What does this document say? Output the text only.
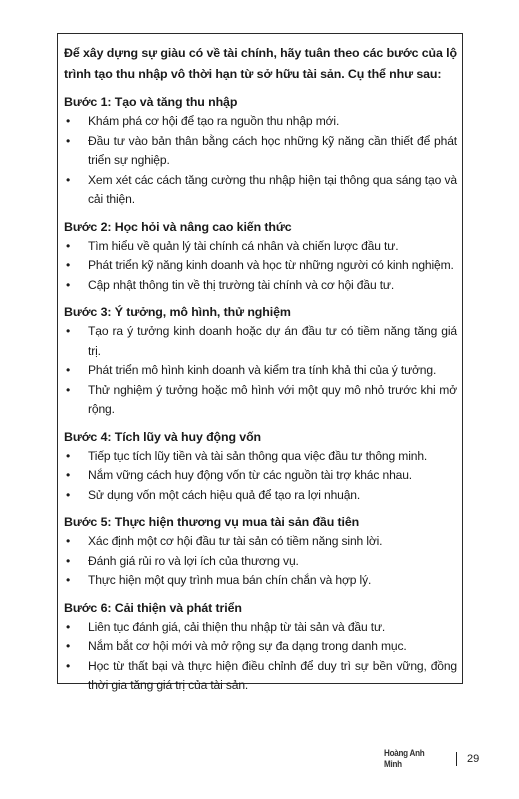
Để xây dựng sự giàu có về tài chính, hãy tuân theo các bước của lộ trình tạo thu nhập vô thời hạn từ sở hữu tài sản. Cụ thể như sau:

Bước 1: Tạo và tăng thu nhập

• Khám phá cơ hội để tạo ra nguồn thu nhập mới.
• Đầu tư vào bản thân bằng cách học những kỹ năng cần thiết để phát triển sự nghiệp.
• Xem xét các cách tăng cường thu nhập hiện tại thông qua sáng tạo và cải thiện.

Bước 2: Học hỏi và nâng cao kiến thức

• Tìm hiểu về quản lý tài chính cá nhân và chiến lược đầu tư.
• Phát triển kỹ năng kinh doanh và học từ những người có kinh nghiệm.
• Cập nhật thông tin về thị trường tài chính và cơ hội đầu tư.

Bước 3: Ý tưởng, mô hình, thử nghiệm

• Tạo ra ý tưởng kinh doanh hoặc dự án đầu tư có tiềm năng tăng giá trị.
• Phát triển mô hình kinh doanh và kiểm tra tính khả thi của ý tưởng.
• Thử nghiệm ý tưởng hoặc mô hình với một quy mô nhỏ trước khi mở rộng.

Bước 4: Tích lũy và huy động vốn

• Tiếp tục tích lũy tiền và tài sản thông qua việc đầu tư thông minh.
• Nắm vững cách huy động vốn từ các nguồn tài trợ khác nhau.
• Sử dụng vốn một cách hiệu quả để tạo ra lợi nhuận.

Bước 5: Thực hiện thương vụ mua tài sản đầu tiên

• Xác định một cơ hội đầu tư tài sản có tiềm năng sinh lời.
• Đánh giá rủi ro và lợi ích của thương vụ.
• Thực hiện một quy trình mua bán chín chắn và hợp lý.

Bước 6: Cải thiện và phát triển

• Liên tục đánh giá, cải thiện thu nhập từ tài sản và đầu tư.
• Nắm bắt cơ hội mới và mở rộng sự đa dạng trong danh mục.
• Học từ thất bại và thực hiện điều chỉnh để duy trì sự bền vững, đồng thời gia tăng giá trị của tài sản.
Hoàng Anh Minh	29
